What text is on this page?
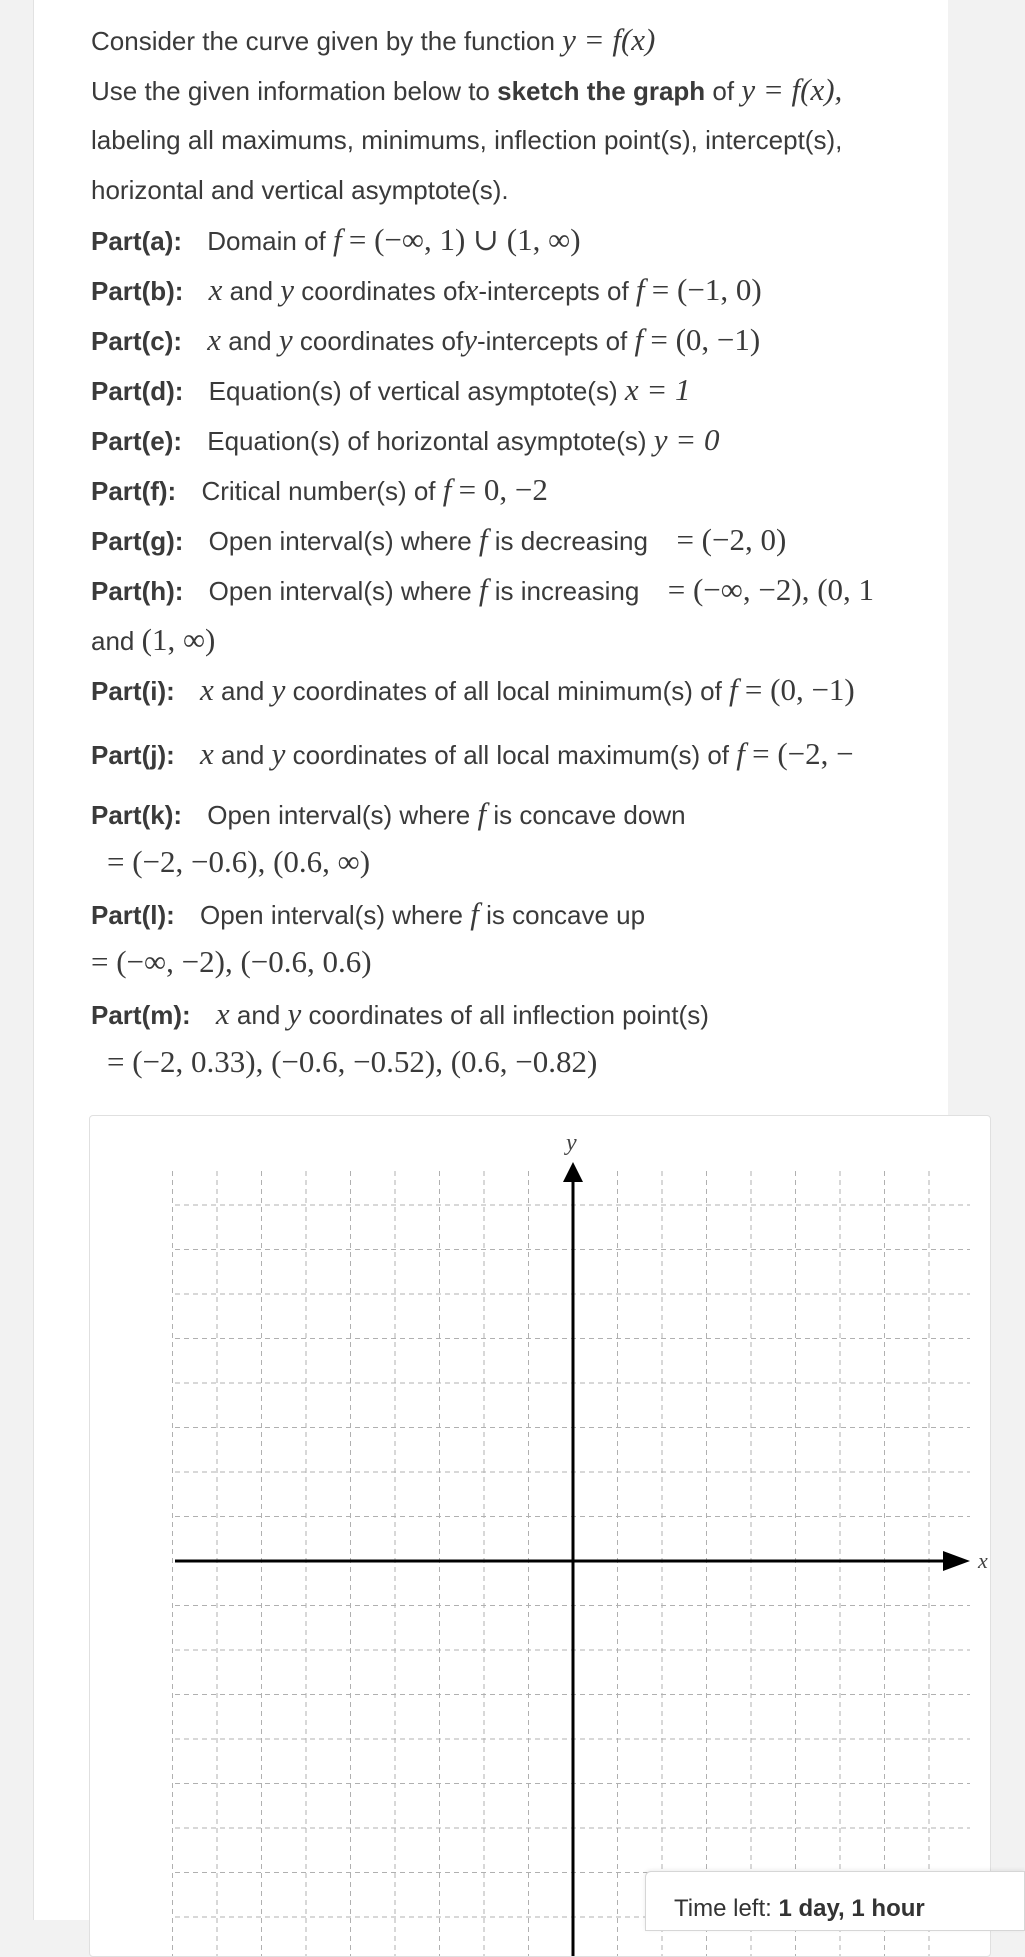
Consider the curve given by the function y = f(x)
Use the given information below to sketch the graph of y = f(x),
labeling all maximums, minimums, inflection point(s), intercept(s),
horizontal and vertical asymptote(s).
Part(a): Domain of f = (−∞, 1) ∪ (1, ∞)
Part(b): x and y coordinates ofx-intercepts of f = (−1, 0)
Part(c): x and y coordinates ofy-intercepts of f = (0, −1)
Part(d): Equation(s) of vertical asymptote(s) x = 1
Part(e): Equation(s) of horizontal asymptote(s) y = 0
Part(f): Critical number(s) of f = 0, −2
Part(g): Open interval(s) where f is decreasing = (−2, 0)
Part(h): Open interval(s) where f is increasing = (−∞, −2), (0, 1
and (1, ∞)
Part(i): x and y coordinates of all local minimum(s) of f = (0, −1)
Part(j): x and y coordinates of all local maximum(s) of f = (−2, −
Part(k): Open interval(s) where f is concave down
= (−2, −0.6), (0.6, ∞)
Part(l): Open interval(s) where f is concave up
= (−∞, −2), (−0.6, 0.6)
Part(m): x and y coordinates of all inflection point(s)
= (−2, 0.33), (−0.6, −0.52), (0.6, −0.82)
x
y
Time left: 1 day, 1 hour
